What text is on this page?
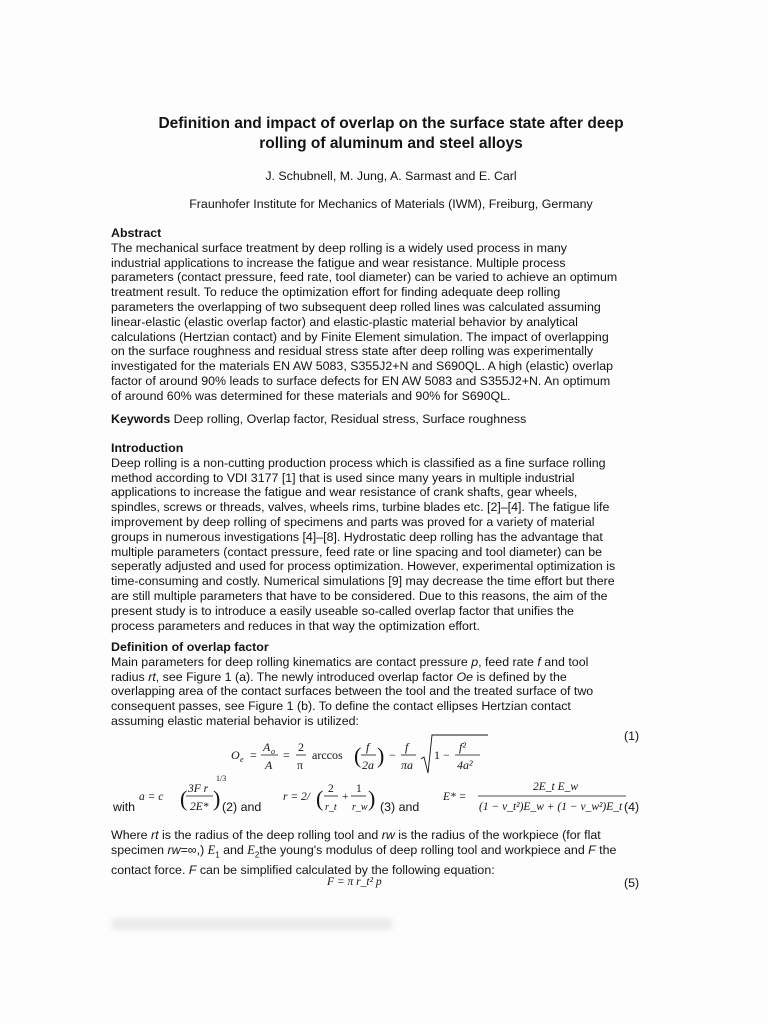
Definition and impact of overlap on the surface state after deep
rolling of aluminum and steel alloys
J. Schubnell, M. Jung, A. Sarmast and E. Carl
Fraunhofer Institute for Mechanics of Materials (IWM), Freiburg, Germany
Abstract
The mechanical surface treatment by deep rolling is a widely used process in many
industrial applications to increase the fatigue and wear resistance. Multiple process
parameters (contact pressure, feed rate, tool diameter) can be varied to achieve an optimum
treatment result. To reduce the optimization effort for finding adequate deep rolling
parameters the overlapping of two subsequent deep rolled lines was calculated assuming
linear-elastic (elastic overlap factor) and elastic-plastic material behavior by analytical
calculations (Hertzian contact) and by Finite Element simulation. The impact of overlapping
on the surface roughness and residual stress state after deep rolling was experimentally
investigated for the materials EN AW 5083, S355J2+N and S690QL. A high (elastic) overlap
factor of around 90% leads to surface defects for EN AW 5083 and S355J2+N. An optimum
of around 60% was determined for these materials and 90% for S690QL.
Keywords Deep rolling, Overlap factor, Residual stress, Surface roughness
Introduction
Deep rolling is a non-cutting production process which is classified as a fine surface rolling
method according to VDI 3177 [1] that is used since many years in multiple industrial
applications to increase the fatigue and wear resistance of crank shafts, gear wheels,
spindles, screws or threads, valves, wheels rims, turbine blades etc. [2]–[4]. The fatigue life
improvement by deep rolling of specimens and parts was proved for a variety of material
groups in numerous investigations [4]–[8]. Hydrostatic deep rolling has the advantage that
multiple parameters (contact pressure, feed rate or line spacing and tool diameter) can be
seperatly adjusted and used for process optimization. However, experimental optimization is
time-consuming and costly. Numerical simulations [9] may decrease the time effort but there
are still multiple parameters that have to be considered. Due to this reasons, the aim of the
present study is to introduce a easily useable so-called overlap factor that unifies the
process parameters and reduces in that way the optimization effort.
Definition of overlap factor
Main parameters for deep rolling kinematics are contact pressure p, feed rate f and tool
radius rt, see Figure 1 (a). The newly introduced overlap factor Oe is defined by the
overlapping area of the contact surfaces between the tool and the treated surface of two
consequent passes, see Figure 1 (b). To define the contact ellipses Hertzian contact
assuming elastic material behavior is utilized:
O e =
A o
A
=
2
π
arccos ( f
2a ) −
f
πa
1 −
f²
4a²
(1)
with
a = c ( 3F r
2E* )
1/3
(2) and
r = 2/ ( 2
r_t
+
1
r_w ) (3) and
E* =
2E_t E_w
(1 − ν_t²)E_w + (1 − ν_w²)E_t (4)
Where rt is the radius of the deep rolling tool and rw is the radius of the workpiece (for flat
specimen rw=∞,) $E_1$ and $E_2the$ young's modulus of deep rolling tool and workpiece and F the
contact force. F can be simplified calculated by the following equation:
F = π r_t² p	(5)
